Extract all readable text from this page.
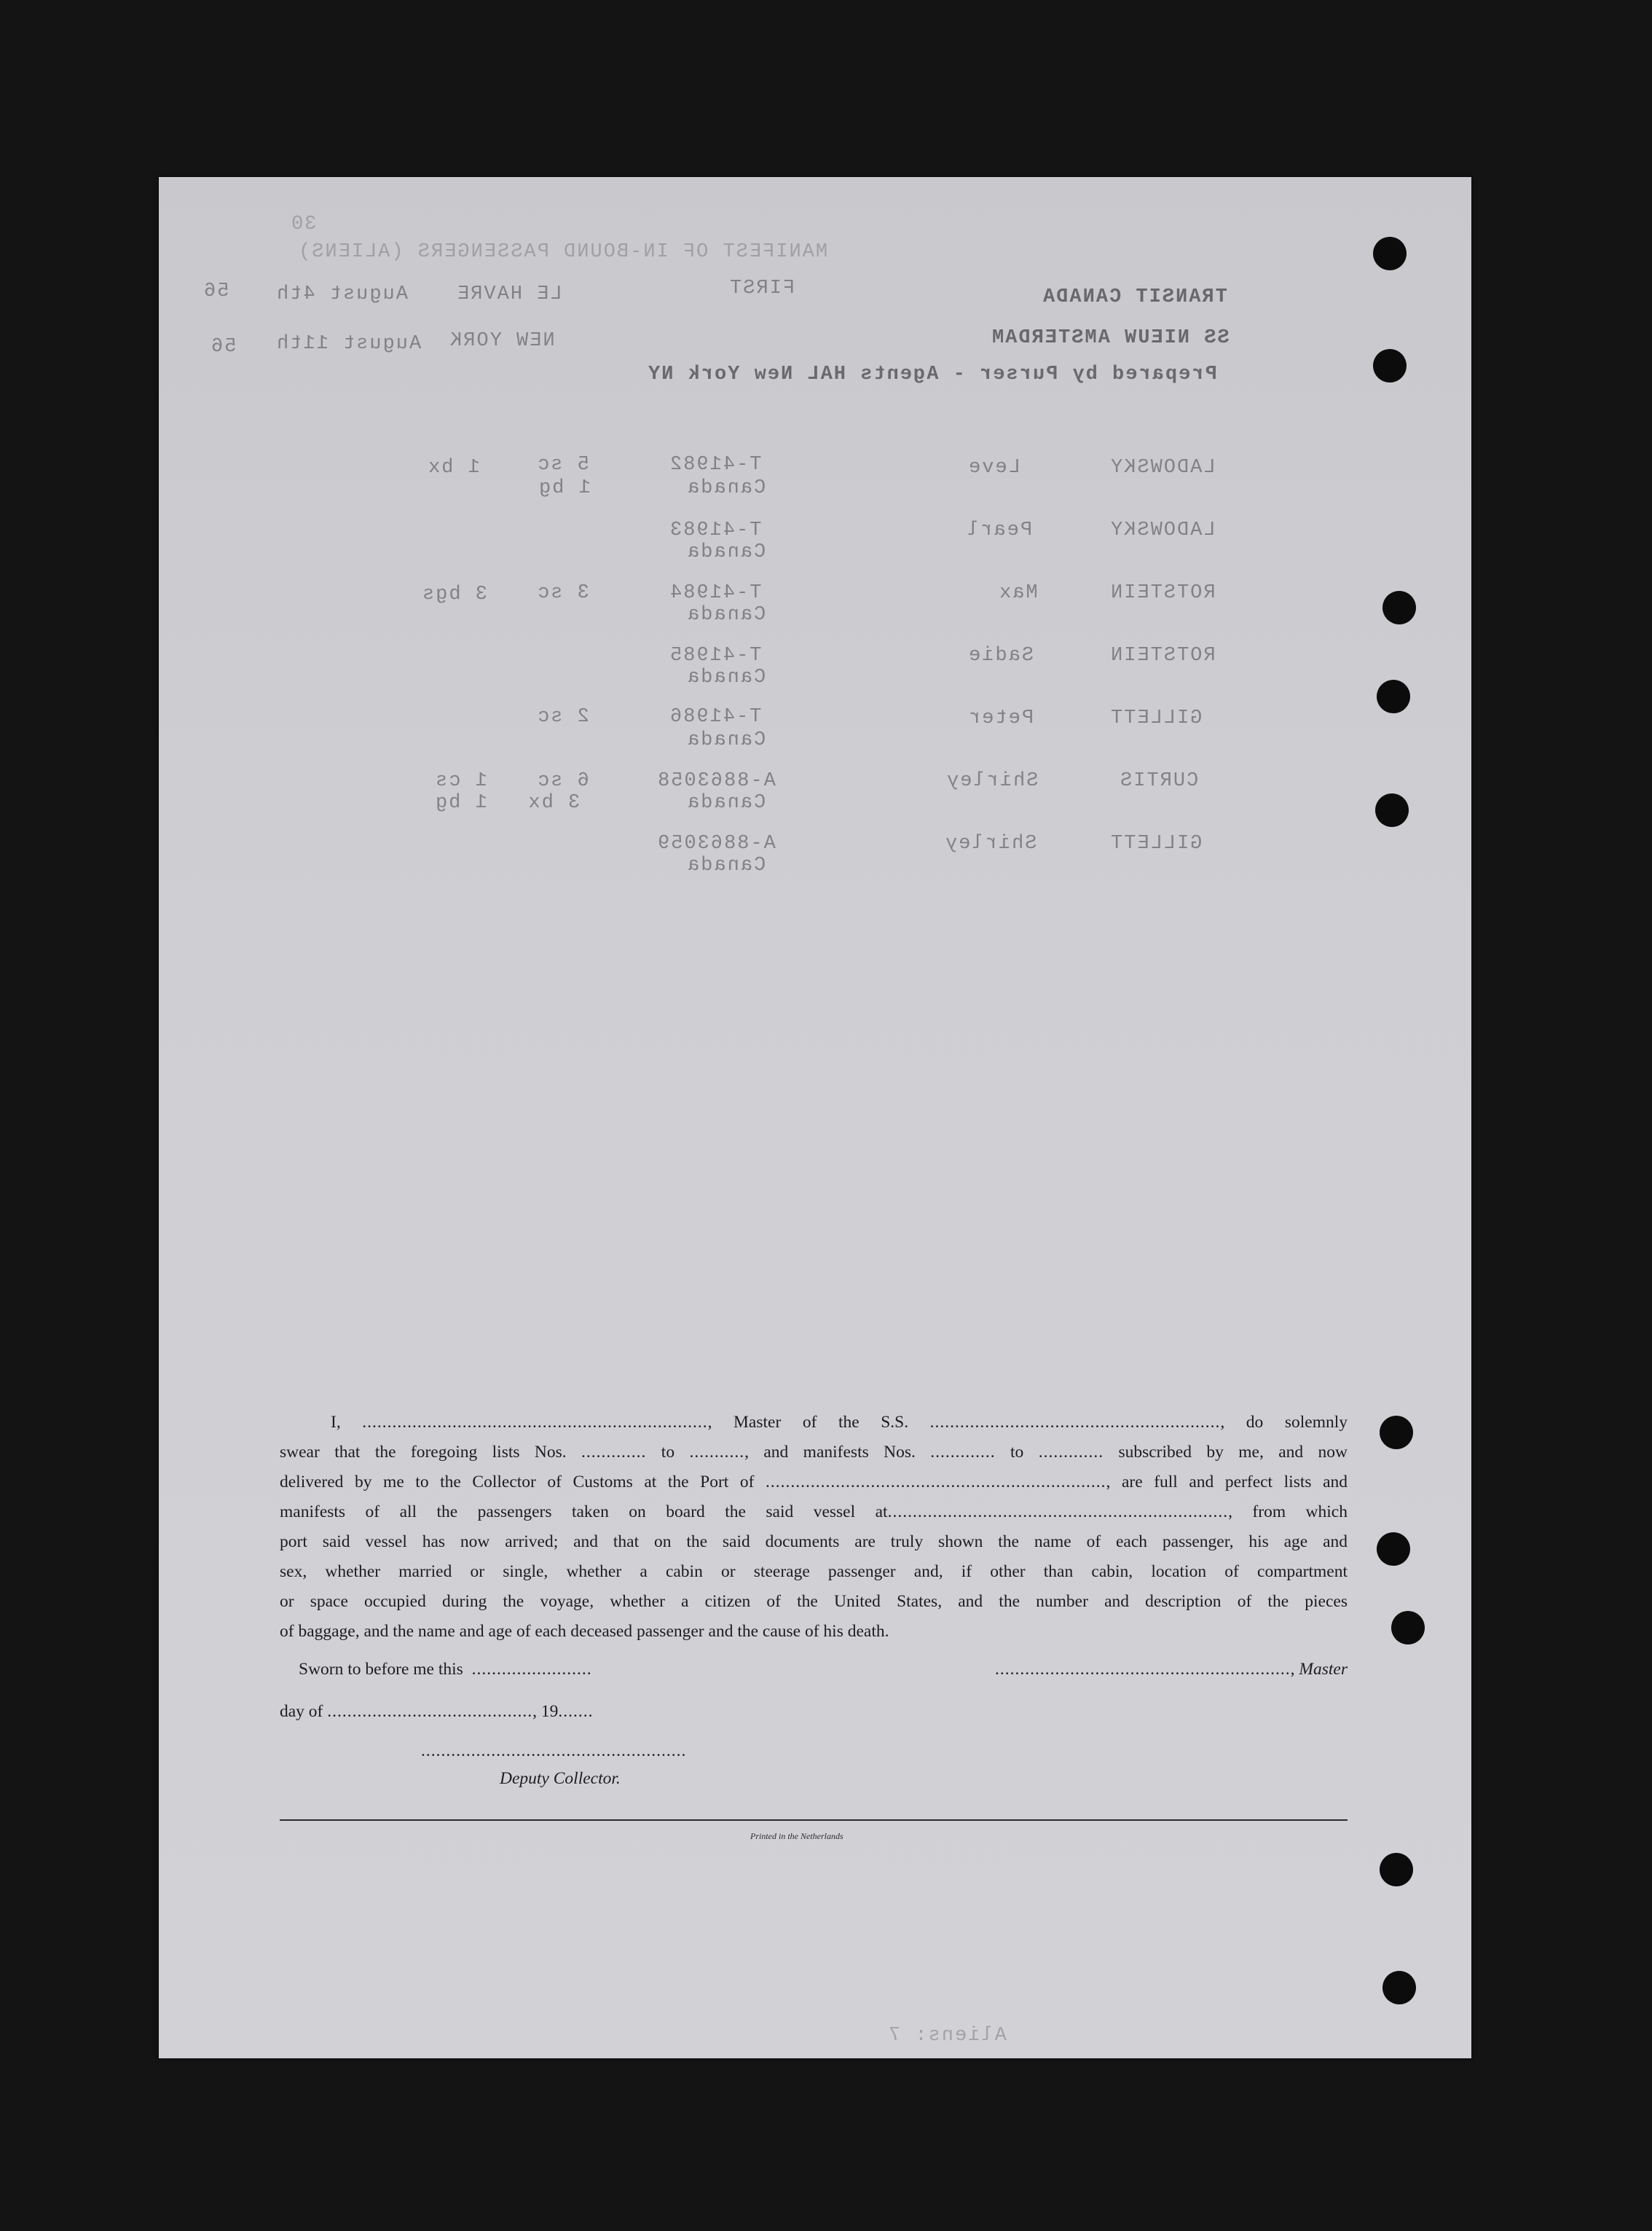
30
MANIFEST OF IN-BOUND PASSENGERS (ALIENS)
TRANSIT CANADA
FIRST
LE HAVRE
August 4th
56
SS NIEUW AMSTERDAM
NEW YORK
August 11th
56
Prepared by Purser - Agents HAL New York NY
LADOWSKY
Leve
T-41982
Canada
5 sc
1 bx
1 bg
LADOWSKY
Pearl
T-41983
Canada
ROTSTEIN
Max
T-41984
Canada
3 sc
3 bgs
ROTSTEIN
Sadie
T-41985
Canada
GILLETT
Peter
T-41986
Canada
2 sc
CURTIS
Shirley
A-8863058
Canada
6 sc
1 cs
3 bx   1 bg
GILLETT
Shirley
A-8863059
Canada
Aliens: 7

I, ....................................................................., Master of the S.S. .........................................................., do solemnly

swear that the foregoing lists Nos. ............. to ..........., and manifests Nos. ............. to ............. subscribed by me, and now

delivered by me to the Collector of Customs at the Port of ...................................................................., are full and perfect lists and

manifests of all the passengers taken on board the said vessel at...................................................................., from which

port said vessel has now arrived; and that on the said documents are truly shown the name of each passenger, his age and

sex, whether married or single, whether a cabin or steerage passenger and, if other than cabin, location of compartment

or space occupied during the voyage, whether a citizen of the United States, and the number and description of the pieces

of baggage, and the name and age of each deceased passenger and the cause of his death.

Sworn to before me this ........................	..........................................................., Master
day of ........................................., 19.......
.....................................................
Deputy Collector.
Printed in the Netherlands
